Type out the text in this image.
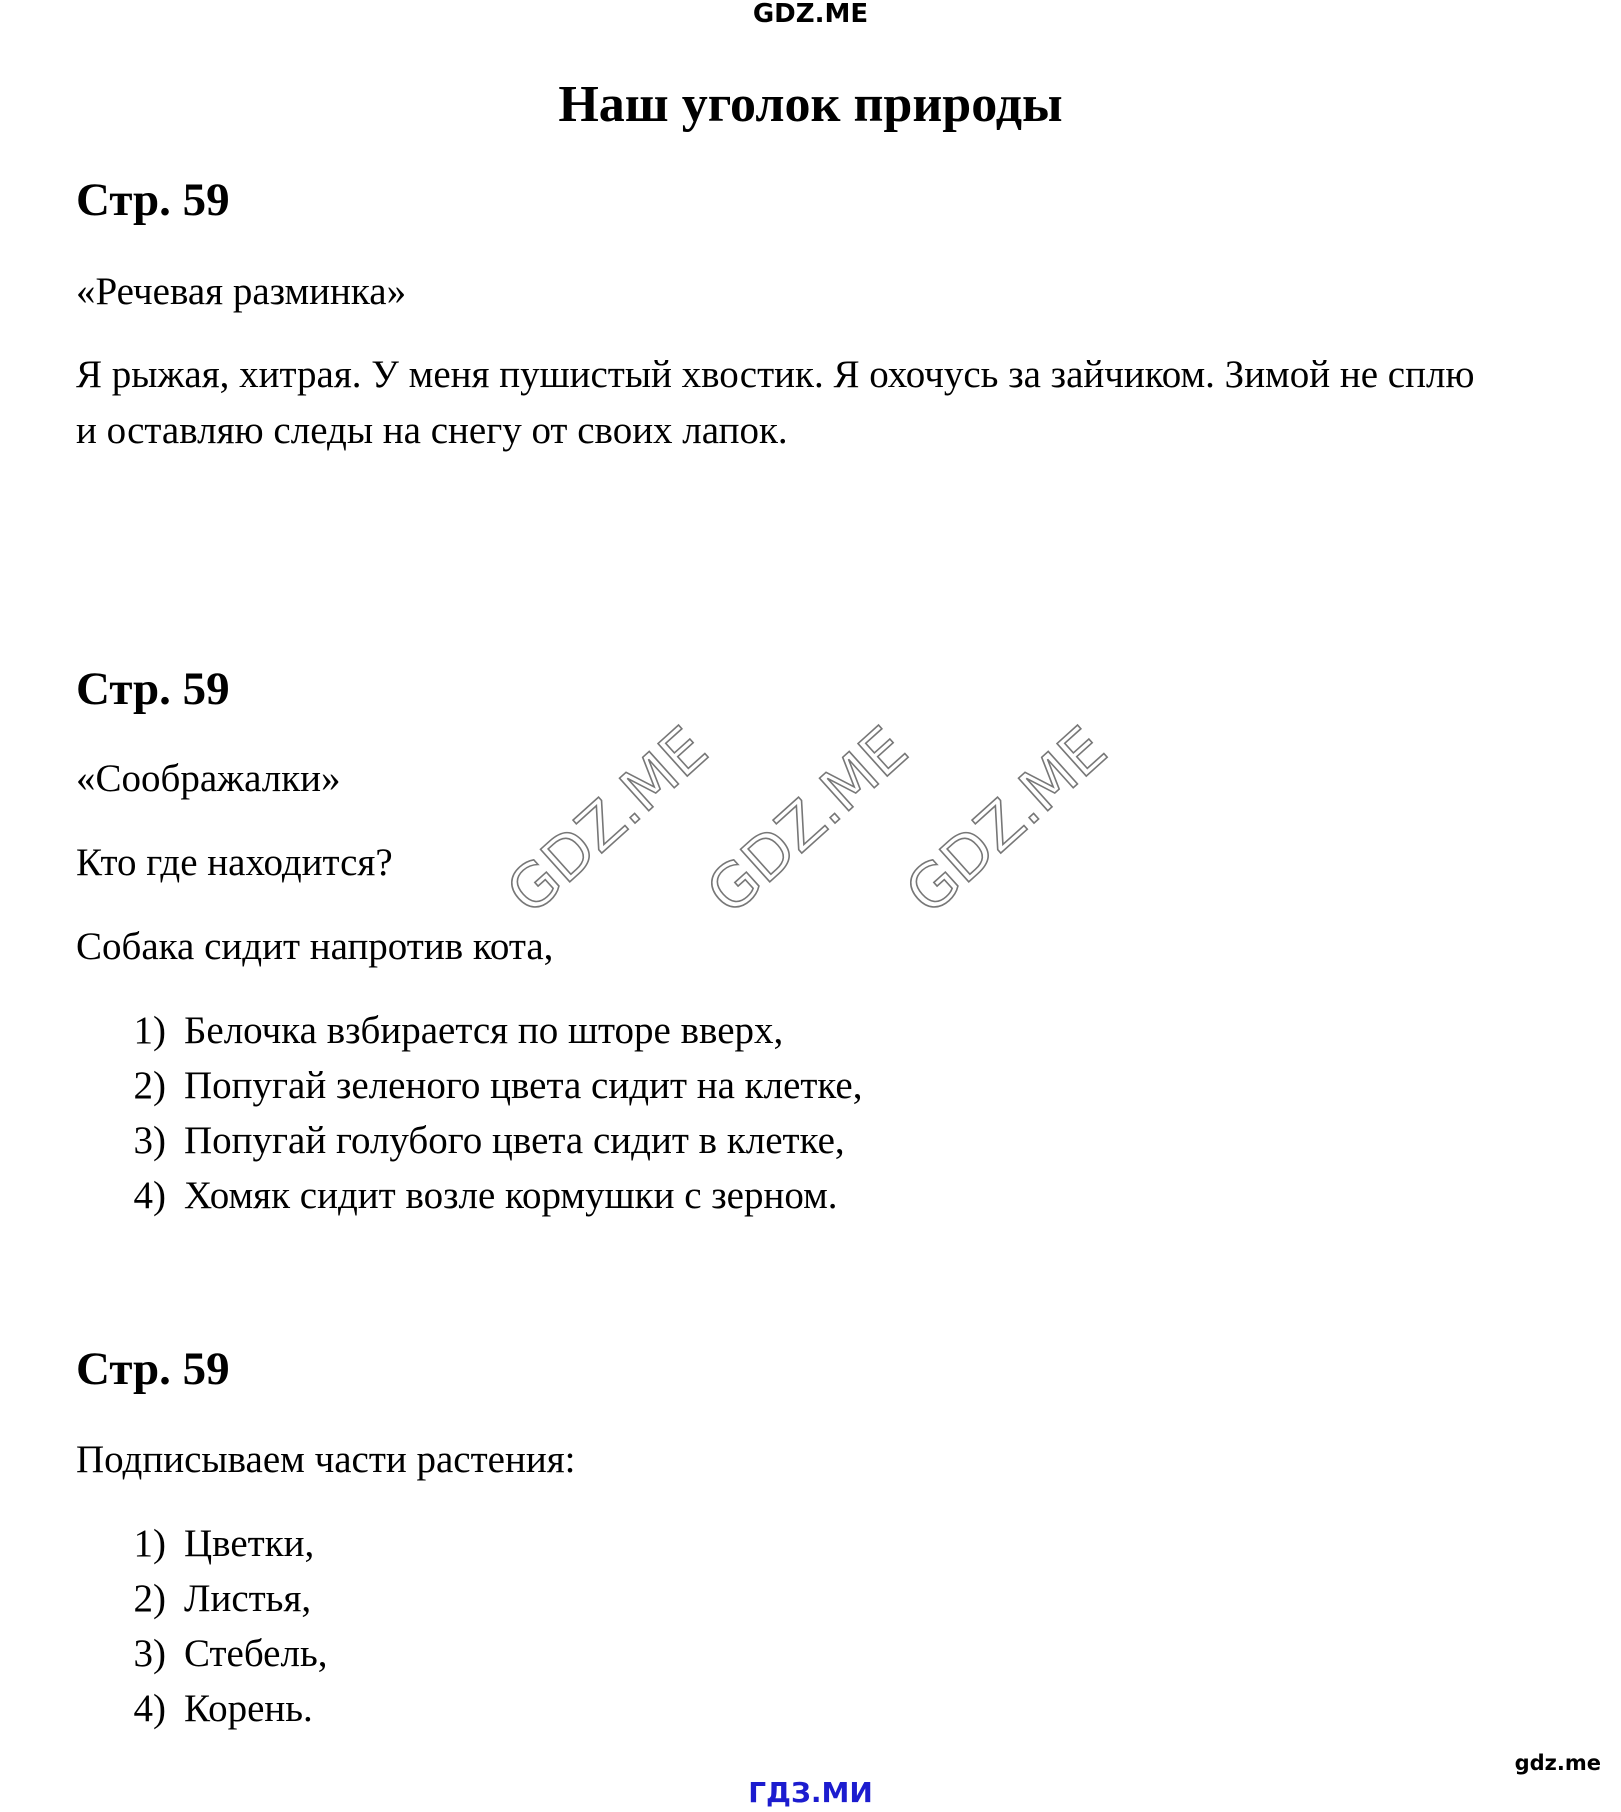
GDZ.ME
Наш уголок природы
Стр. 59

«Речевая разминка»

Я рыжая, хитрая. У меня пушистый хвостик. Я охочусь за зайчиком. Зимой не сплю и оставляю следы на снегу от своих лапок.

Стр. 59

«Соображалки»

Кто где находится?

Собака сидит напротив кота,

1) Белочка взбирается по шторе вверх,
2) Попугай зеленого цвета сидит на клетке,
3) Попугай голубого цвета сидит в клетке,
4) Хомяк сидит возле кормушки с зерном.
Стр. 59

Подписываем части растения:

1) Цветки,
2) Листья,
3) Стебель,
4) Корень.
GDZ.ME
GDZ.ME
GDZ.ME
gdz.me
ГДЗ.МИ
